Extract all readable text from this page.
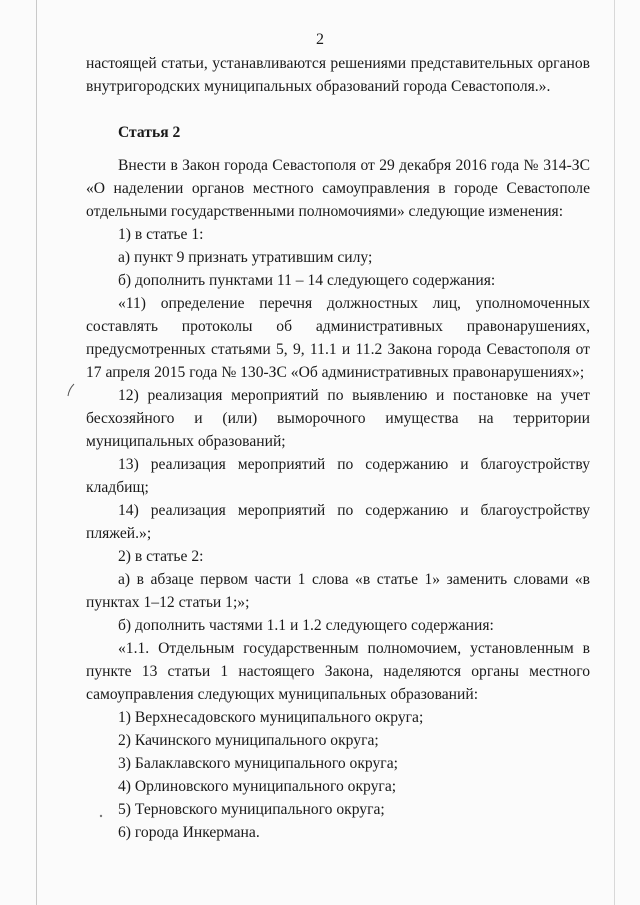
2

настоящей статьи, устанавливаются решениями представительных органов внутригородских муниципальных образований города Севастополя.».

Статья 2

Внести в Закон города Севастополя от 29 декабря 2016 года № 314-ЗС «О наделении органов местного самоуправления в городе Севастополе отдельными государственными полномочиями» следующие изменения:

1) в статье 1:

а) пункт 9 признать утратившим силу;

б) дополнить пунктами 11 – 14 следующего содержания:

«11) определение перечня должностных лиц, уполномоченных составлять протоколы об административных правонарушениях, предусмотренных статьями 5, 9, 11.1 и 11.2 Закона города Севастополя от 17 апреля 2015 года № 130-ЗС «Об административных правонарушениях»;

12) реализация мероприятий по выявлению и постановке на учет бесхозяйного и (или) выморочного имущества на территории муниципальных образований;

13) реализация мероприятий по содержанию и благоустройству кладбищ;

14) реализация мероприятий по содержанию и благоустройству пляжей.»;

2) в статье 2:

а) в абзаце первом части 1 слова «в статье 1» заменить словами «в пунктах 1–12 статьи 1;»;

б) дополнить частями 1.1 и 1.2 следующего содержания:

«1.1. Отдельным государственным полномочием, установленным в пункте 13 статьи 1 настоящего Закона, наделяются органы местного самоуправления следующих муниципальных образований:

1) Верхнесадовского муниципального округа;

2) Качинского муниципального округа;

3) Балаклавского муниципального округа;

4) Орлиновского муниципального округа;

5) Терновского муниципального округа;

6) города Инкермана.
